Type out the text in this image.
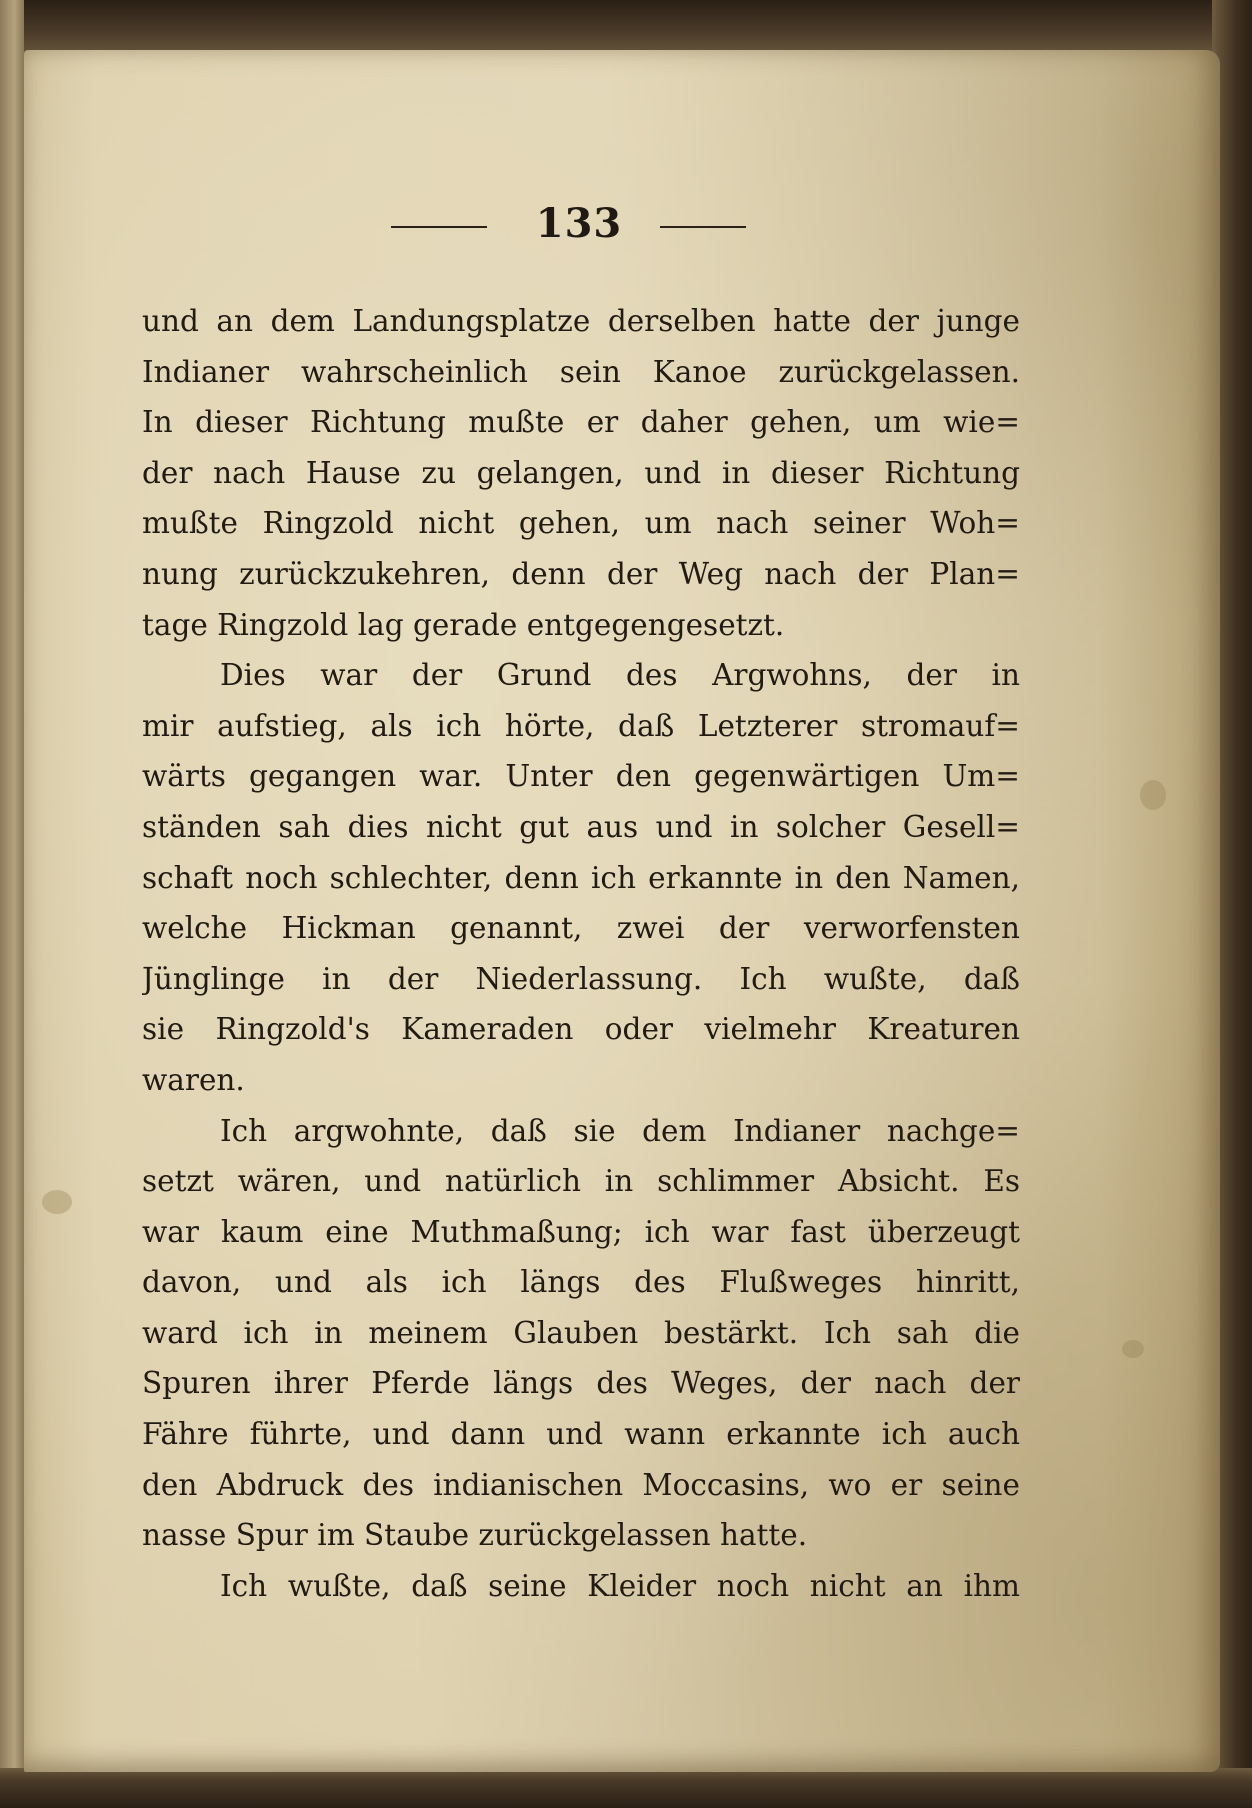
133
und an dem Landungsplatze derselben hatte der junge
Indianer wahrscheinlich sein Kanoe zurückgelassen.
In dieser Richtung mußte er daher gehen, um wie=
der nach Hause zu gelangen, und in dieser Richtung
mußte Ringzold nicht gehen, um nach seiner Woh=
nung zurückzukehren, denn der Weg nach der Plan=
tage Ringzold lag gerade entgegengesetzt.
Dies war der Grund des Argwohns, der in
mir aufstieg, als ich hörte, daß Letzterer stromauf=
wärts gegangen war. Unter den gegenwärtigen Um=
ständen sah dies nicht gut aus und in solcher Gesell=
schaft noch schlechter, denn ich erkannte in den Namen,
welche Hickman genannt, zwei der verworfensten
Jünglinge in der Niederlassung. Ich wußte, daß
sie Ringzold's Kameraden oder vielmehr Kreaturen
waren.
Ich argwohnte, daß sie dem Indianer nachge=
setzt wären, und natürlich in schlimmer Absicht. Es
war kaum eine Muthmaßung; ich war fast überzeugt
davon, und als ich längs des Flußweges hinritt,
ward ich in meinem Glauben bestärkt. Ich sah die
Spuren ihrer Pferde längs des Weges, der nach der
Fähre führte, und dann und wann erkannte ich auch
den Abdruck des indianischen Moccasins, wo er seine
nasse Spur im Staube zurückgelassen hatte.
Ich wußte, daß seine Kleider noch nicht an ihm
